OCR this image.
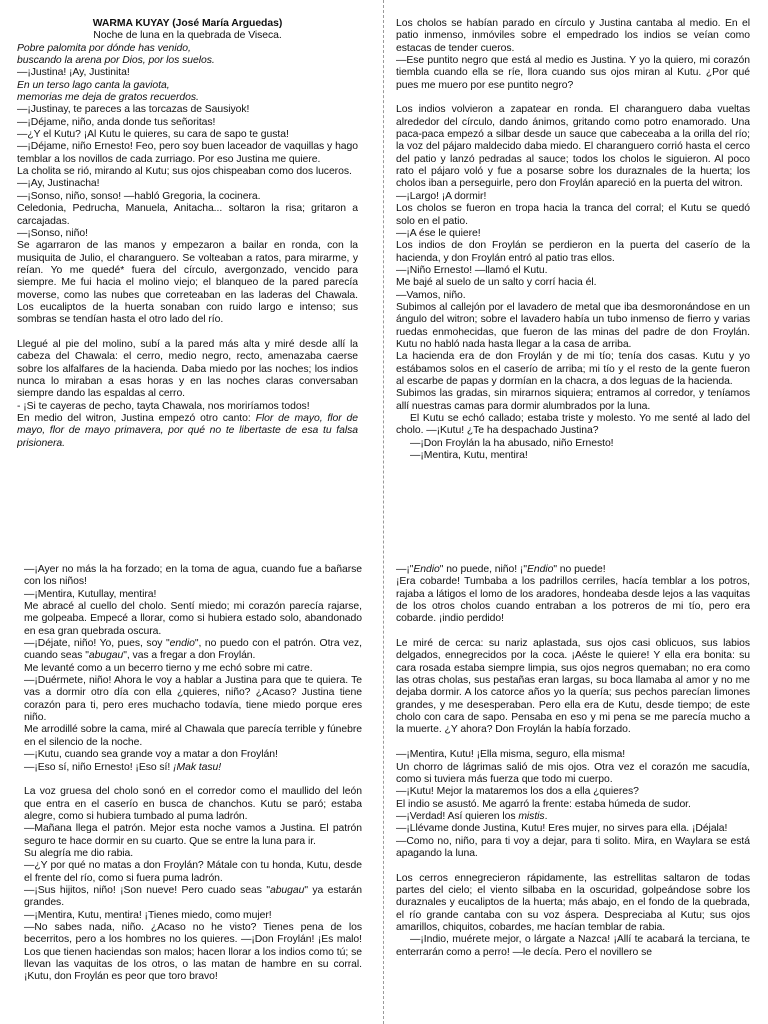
WARMA KUYAY (José María Arguedas)

Noche de luna en la quebrada de Viseca.

Pobre palomita por dónde has venido,

buscando la arena por Dios, por los suelos.

—¡Justina! ¡Ay, Justinita!

En un terso lago canta la gaviota,

memorias me deja de gratos recuerdos.

—¡Justinay, te pareces a las torcazas de Sausiyok!

—¡Déjame, niño, anda donde tus señoritas!

—¿Y el Kutu? ¡Al Kutu le quieres, su cara de sapo te gusta!

—¡Déjame, niño Ernesto! Feo, pero soy buen laceador de vaquillas y hago temblar a los novillos de cada zurriago. Por eso Justina me quiere.

La cholita se rió, mirando al Kutu; sus ojos chispeaban como dos luceros.

—¡Ay, Justinacha!

—¡Sonso, niño, sonso! —habló Gregoria, la cocinera.

Celedonia, Pedrucha, Manuela, Anitacha... soltaron la risa; gritaron a carcajadas.

—¡Sonso, niño!

Se agarraron de las manos y empezaron a bailar en ronda, con la musiquita de Julio, el charanguero. Se volteaban a ratos, para mirarme, y reían. Yo me quedé* fuera del círculo, avergonzado, vencido para siempre. Me fui hacia el molino viejo; el blanqueo de la pared parecía moverse, como las nubes que correteaban en las laderas del Chawala. Los eucaliptos de la huerta sonaban con ruido largo e intenso; sus sombras se tendían hasta el otro lado del río.

Llegué al pie del molino, subí a la pared más alta y miré desde allí la cabeza del Chawala: el cerro, medio negro, recto, amenazaba caerse sobre los alfalfares de la hacienda. Daba miedo por las noches; los indios nunca lo miraban a esas horas y en las noches claras conversaban siempre dando las espaldas al cerro.

- ¡Si te cayeras de pecho, tayta Chawala, nos moriríamos todos!

En medio del witron, Justina empezó otro canto: Flor de mayo, flor de mayo, flor de mayo primavera, por qué no te libertaste de esa tu falsa prisionera.

Los cholos se habían parado en círculo y Justina cantaba al medio. En el patio inmenso, inmóviles sobre el empedrado los indios se veían como estacas de tender cueros.

—Ese puntito negro que está al medio es Justina. Y yo la quiero, mi corazón tiembla cuando ella se ríe, llora cuando sus ojos miran al Kutu. ¿Por qué pues me muero por ese puntito negro?

Los indios volvieron a zapatear en ronda. El charanguero daba vueltas alrededor del círculo, dando ánimos, gritando como potro enamorado. Una paca-paca empezó a silbar desde un sauce que cabeceaba a la orilla del río; la voz del pájaro maldecido daba miedo. El charanguero corrió hasta el cerco del patio y lanzó pedradas al sauce; todos los cholos le siguieron. Al poco rato el pájaro voló y fue a posarse sobre los duraznales de la huerta; los cholos iban a perseguirle, pero don Froylán apareció en la puerta del witron.

—¡Largo! ¡A dormir!

Los cholos se fueron en tropa hacia la tranca del corral; el Kutu se quedó solo en el patio.

—¡A ése le quiere!

Los indios de don Froylán se perdieron en la puerta del caserío de la hacienda, y don Froylán entró al patio tras ellos.

—¡Niño Ernesto! —llamó el Kutu.

Me bajé al suelo de un salto y corrí hacia él.

—Vamos, niño.

Subimos al callejón por el lavadero de metal que iba desmoronándose en un ángulo del witron; sobre el lavadero había un tubo inmenso de fierro y varias ruedas enmohecidas, que fueron de las minas del padre de don Froylán. Kutu no habló nada hasta llegar a la casa de arriba.

La hacienda era de don Froylán y de mi tío; tenía dos casas. Kutu y yo estábamos solos en el caserío de arriba; mi tío y el resto de la gente fueron al escarbe de papas y dormían en la chacra, a dos leguas de la hacienda.

Subimos las gradas, sin mirarnos siquiera; entramos al corredor, y teníamos allí nuestras camas para dormir alumbrados por la luna.

El Kutu se echó callado; estaba triste y molesto. Yo me senté al lado del cholo. —¡Kutu! ¿Te ha despachado Justina?

—¡Don Froylán la ha abusado, niño Ernesto!

—¡Mentira, Kutu, mentira!

—¡Ayer no más la ha forzado; en la toma de agua, cuando fue a bañarse con los niños!

—¡Mentira, Kutullay, mentira!

Me abracé al cuello del cholo. Sentí miedo; mi corazón parecía rajarse, me golpeaba. Empecé a llorar, como si hubiera estado solo, abandonado en esa gran quebrada oscura.

—¡Déjate, niño! Yo, pues, soy "endio", no puedo con el patrón. Otra vez, cuando seas "abugau", vas a fregar a don Froylán.

Me levanté como a un becerro tierno y me echó sobre mi catre.

—¡Duérmete, niño! Ahora le voy a hablar a Justina para que te quiera. Te vas a dormir otro día con ella ¿quieres, niño? ¿Acaso? Justina tiene corazón para ti, pero eres muchacho todavía, tiene miedo porque eres niño.

Me arrodillé sobre la cama, miré al Chawala que parecía terrible y fúnebre en el silencio de la noche.

—¡Kutu, cuando sea grande voy a matar a don Froylán!

—¡Eso sí, niño Ernesto! ¡Eso sí! ¡Mak tasu!

La voz gruesa del cholo sonó en el corredor como el maullido del león que entra en el caserío en busca de chanchos. Kutu se paró; estaba alegre, como si hubiera tumbado al puma ladrón.

—Mañana llega el patrón. Mejor esta noche vamos a Justina. El patrón seguro te hace dormir en su cuarto. Que se entre la luna para ir.

Su alegría me dio rabia.

—¿Y por qué no matas a don Froylán? Mátale con tu honda, Kutu, desde el frente del río, como si fuera puma ladrón.

—¡Sus hijitos, niño! ¡Son nueve! Pero cuado seas "abugau" ya estarán grandes.

—¡Mentira, Kutu, mentira! ¡Tienes miedo, como mujer!

—No sabes nada, niño. ¿Acaso no he visto? Tienes pena de los becerritos, pero a los hombres no los quieres. —¡Don Froylán! ¡Es malo! Los que tienen haciendas son malos; hacen llorar a los indios como tú; se llevan las vaquitas de los otros, o las matan de hambre en su corral. ¡Kutu, don Froylán es peor que toro bravo!

—¡"Endio" no puede, niño! ¡"Endio" no puede!

¡Era cobarde! Tumbaba a los padrillos cerriles, hacía temblar a los potros, rajaba a látigos el lomo de los aradores, hondeaba desde lejos a las vaquitas de los otros cholos cuando entraban a los potreros de mi tío, pero era cobarde. ¡indio perdido!

Le miré de cerca: su nariz aplastada, sus ojos casi oblicuos, sus labios delgados, ennegrecidos por la coca. ¡Aéste le quiere! Y ella era bonita: su cara rosada estaba siempre limpia, sus ojos negros quemaban; no era como las otras cholas, sus pestañas eran largas, su boca llamaba al amor y no me dejaba dormir. A los catorce años yo la quería; sus pechos parecían limones grandes, y me desesperaban. Pero ella era de Kutu, desde tiempo; de este cholo con cara de sapo. Pensaba en eso y mi pena se me parecía mucho a la muerte. ¿Y ahora? Don Froylán la había forzado.

—¡Mentira, Kutu! ¡Ella misma, seguro, ella misma!

Un chorro de lágrimas salió de mis ojos. Otra vez el corazón me sacudía, como si tuviera más fuerza que todo mi cuerpo.

—¡Kutu! Mejor la mataremos los dos a ella ¿quieres?

El indio se asustó. Me agarró la frente: estaba húmeda de sudor.

—¡Verdad! Así quieren los mistis.

—¡Llévame donde Justina, Kutu! Eres mujer, no sirves para ella. ¡Déjala!

—Como no, niño, para ti voy a dejar, para ti solito. Mira, en Waylara se está apagando la luna.

Los cerros ennegrecieron rápidamente, las estrellitas saltaron de todas partes del cielo; el viento silbaba en la oscuridad, golpeándose sobre los duraznales y eucaliptos de la huerta; más abajo, en el fondo de la quebrada, el río grande cantaba con su voz áspera. Despreciaba al Kutu; sus ojos amarillos, chiquitos, cobardes, me hacían temblar de rabia.

—¡Indio, muérete mejor, o lárgate a Nazca! ¡Allí te acabará la terciana, te enterrarán como a perro! —le decía. Pero el novillero se
